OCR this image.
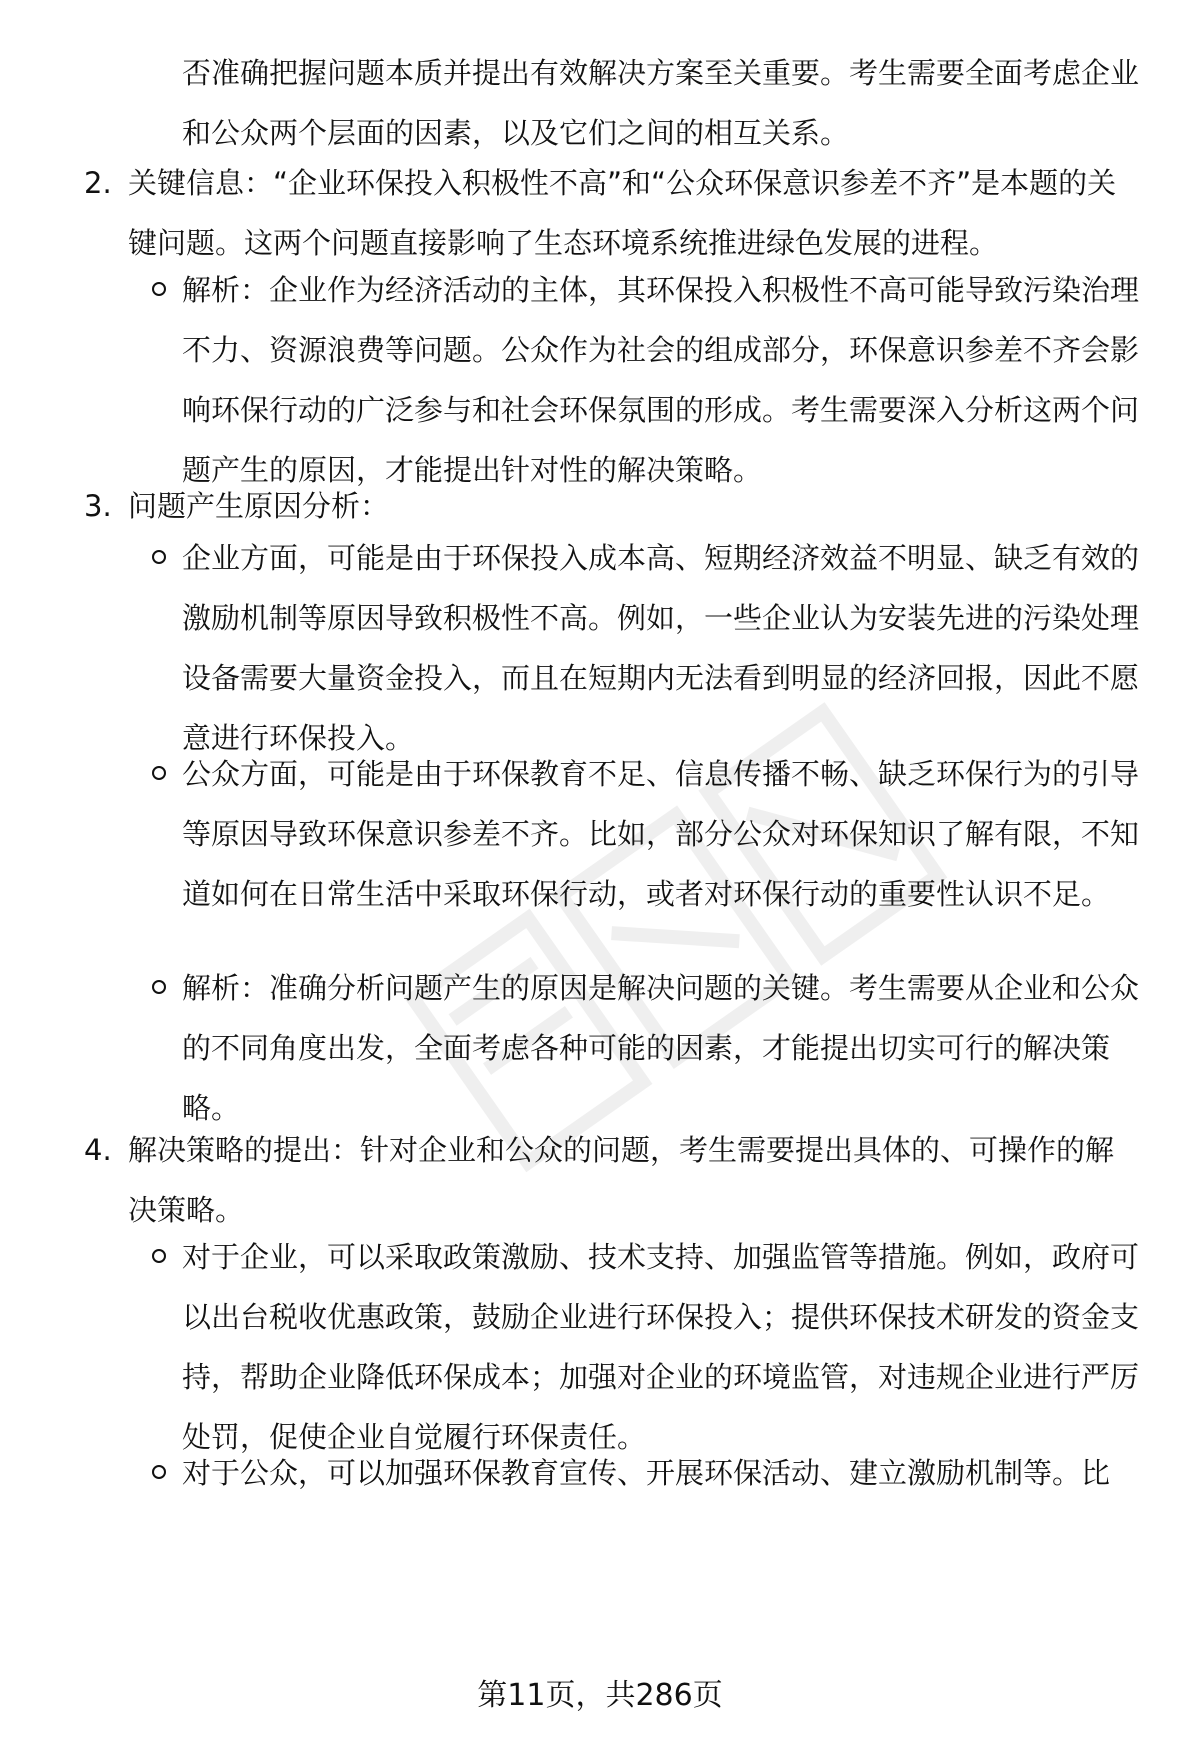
否准确把握问题本质并提出有效解决方案至关重要。考生需要全面考虑企业和公众两个层面的因素，以及它们之间的相互关系。
2. 关键信息：“企业环保投入积极性不高”和“公众环保意识参差不齐”是本题的关键问题。这两个问题直接影响了生态环境系统推进绿色发展的进程。
解析：企业作为经济活动的主体，其环保投入积极性不高可能导致污染治理不力、资源浪费等问题。公众作为社会的组成部分，环保意识参差不齐会影响环保行动的广泛参与和社会环保氛围的形成。考生需要深入分析这两个问题产生的原因，才能提出针对性的解决策略。
3. 问题产生原因分析：
企业方面，可能是由于环保投入成本高、短期经济效益不明显、缺乏有效的激励机制等原因导致积极性不高。例如，一些企业认为安装先进的污染处理设备需要大量资金投入，而且在短期内无法看到明显的经济回报，因此不愿意进行环保投入。
公众方面，可能是由于环保教育不足、信息传播不畅、缺乏环保行为的引导等原因导致环保意识参差不齐。比如，部分公众对环保知识了解有限，不知道如何在日常生活中采取环保行动，或者对环保行动的重要性认识不足。
解析：准确分析问题产生的原因是解决问题的关键。考生需要从企业和公众的不同角度出发，全面考虑各种可能的因素，才能提出切实可行的解决策略。
4. 解决策略的提出：针对企业和公众的问题，考生需要提出具体的、可操作的解决策略。
对于企业，可以采取政策激励、技术支持、加强监管等措施。例如，政府可以出台税收优惠政策，鼓励企业进行环保投入；提供环保技术研发的资金支持，帮助企业降低环保成本；加强对企业的环境监管，对违规企业进行严厉处罚，促使企业自觉履行环保责任。
对于公众，可以加强环保教育宣传、开展环保活动、建立激励机制等。比
第11页，共286页
